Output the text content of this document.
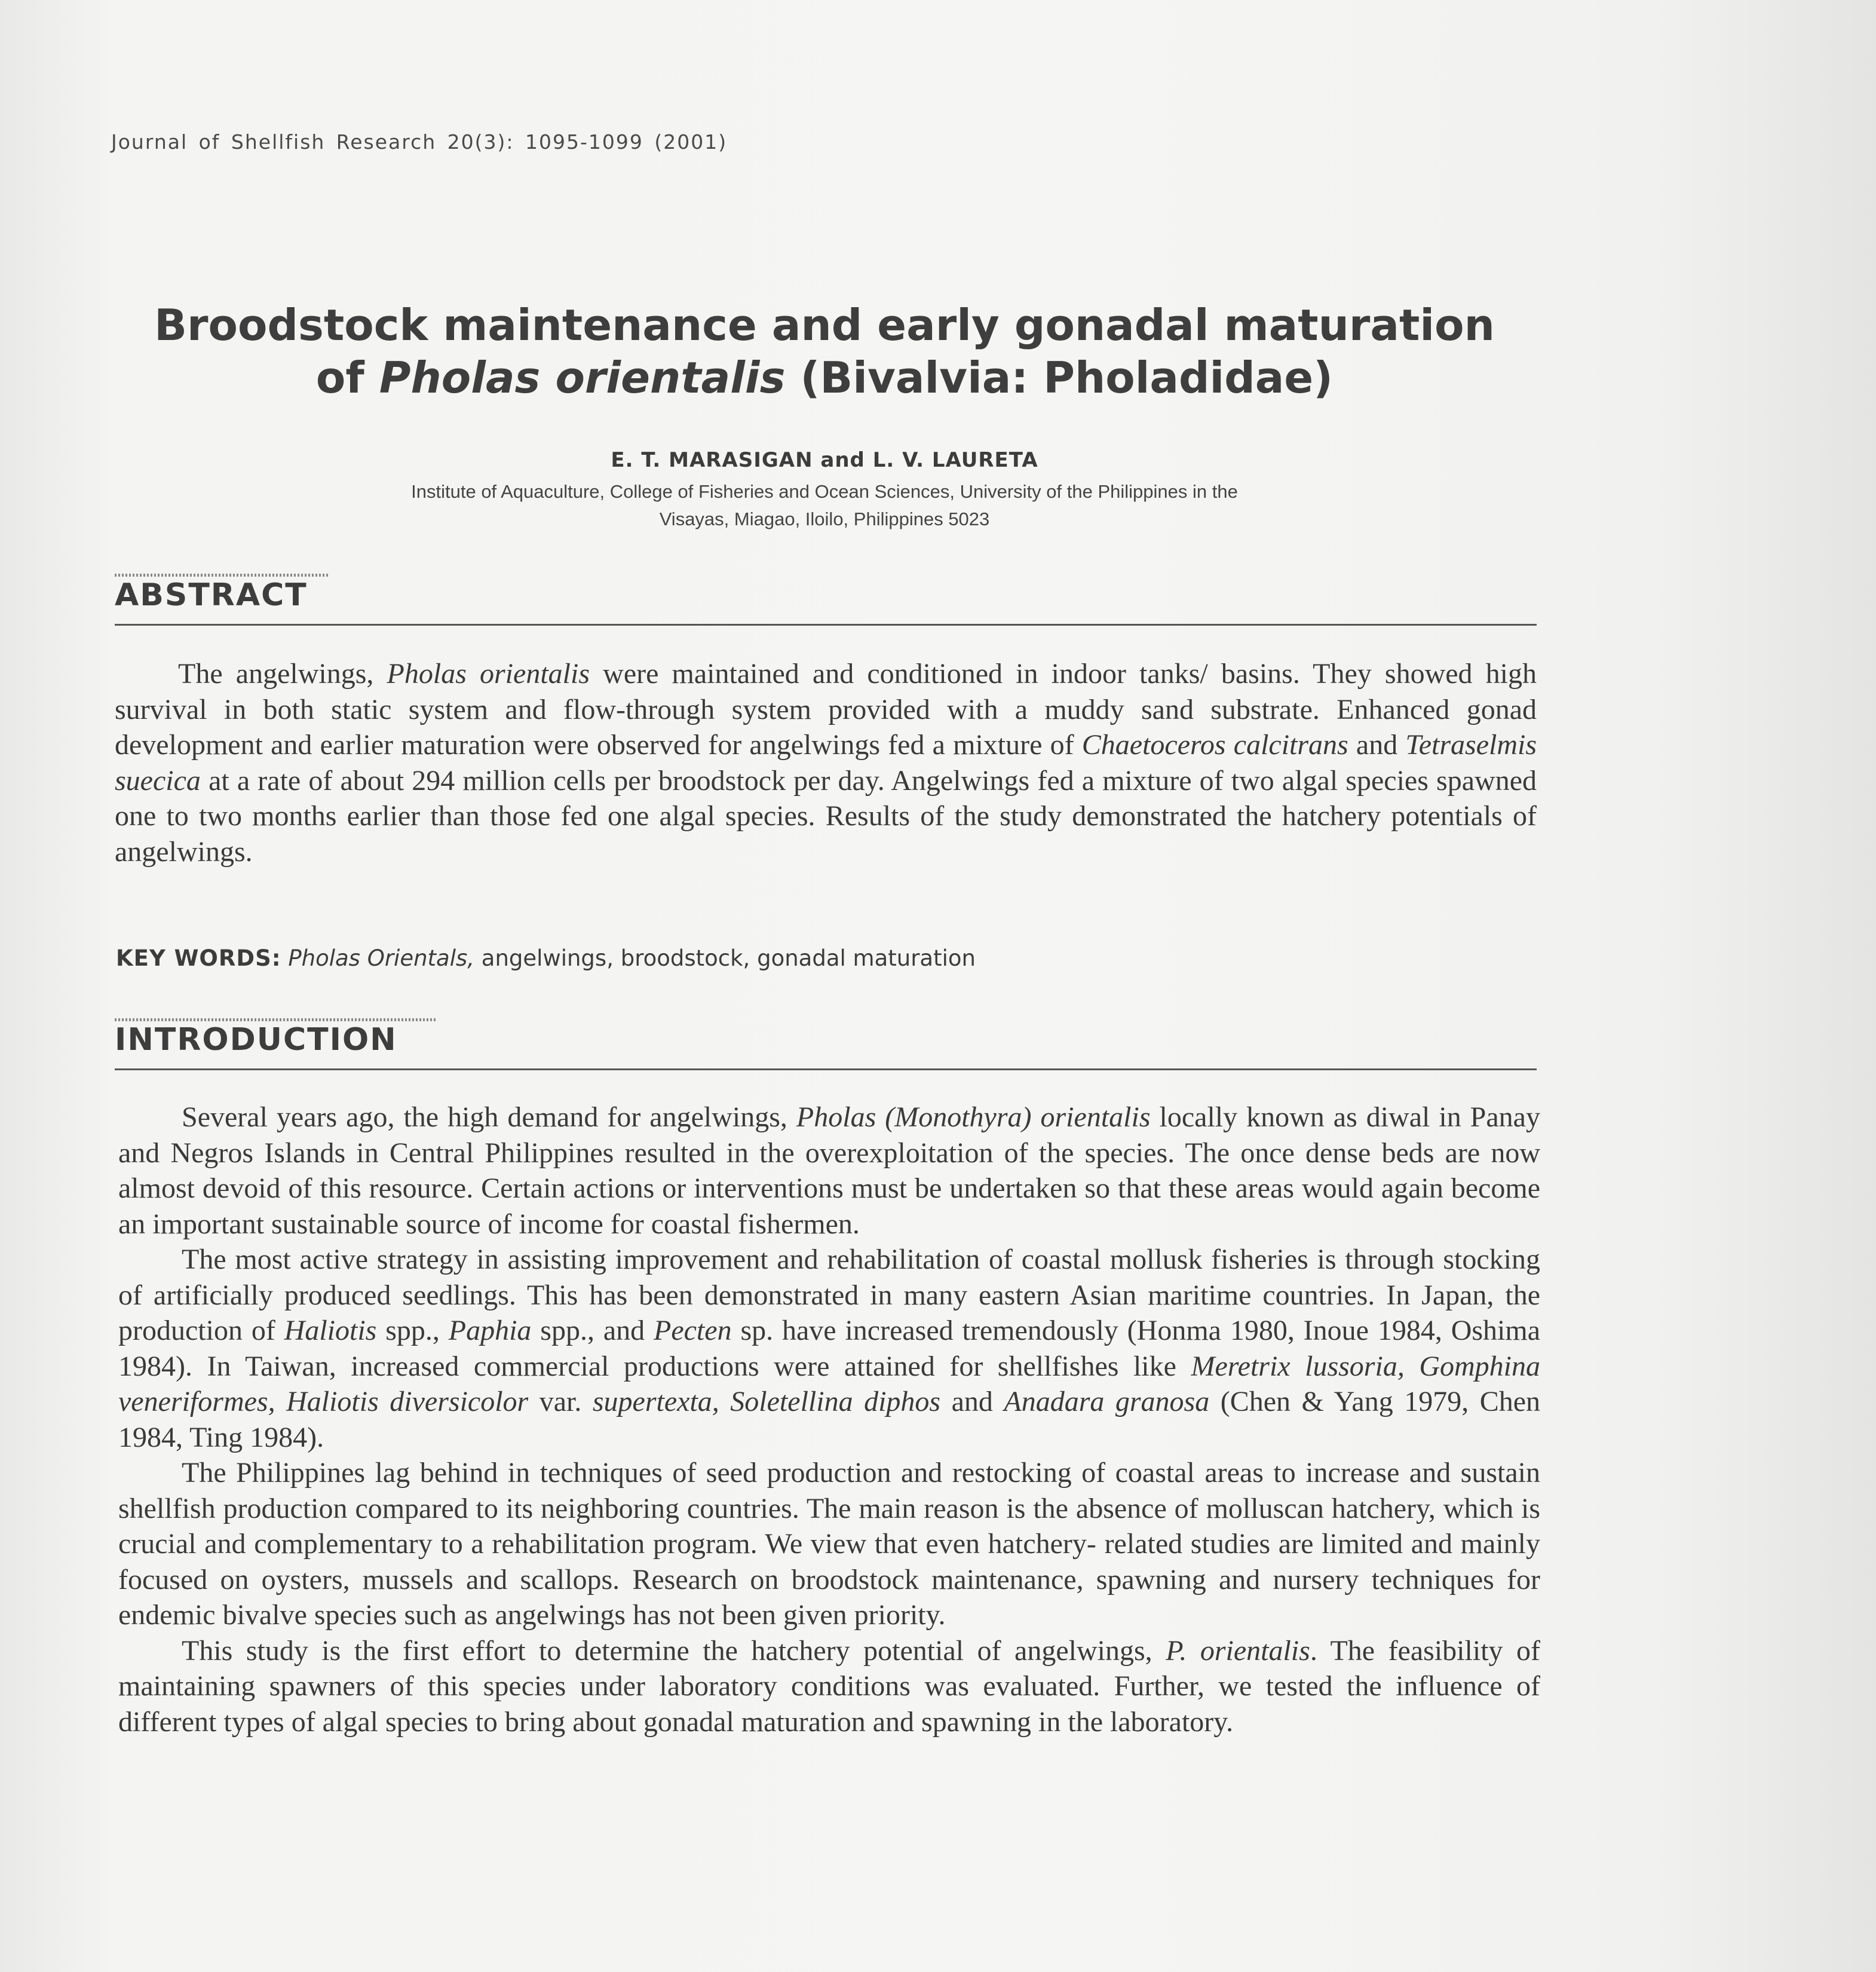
Journal of Shellfish Research 20(3): 1095-1099 (2001)
Broodstock maintenance and early gonadal maturation
of Pholas orientalis (Bivalvia: Pholadidae)
E. T. MARASIGAN and L. V. LAURETA
Institute of Aquaculture, College of Fisheries and Ocean Sciences, University of the Philippines in the
Visayas, Miagao, Iloilo, Philippines 5023
ABSTRACT

The angelwings, Pholas orientalis were maintained and conditioned in indoor tanks/ basins. They showed high survival in both static system and flow-through system provided with a muddy sand substrate. Enhanced gonad development and earlier maturation were observed for angelwings fed a mixture of Chaetoceros calcitrans and Tetraselmis suecica at a rate of about 294 million cells per broodstock per day. Angelwings fed a mixture of two algal species spawned one to two months earlier than those fed one algal species. Results of the study demonstrated the hatchery potentials of angelwings.

KEY WORDS: Pholas Orientals, angelwings, broodstock, gonadal maturation
INTRODUCTION

Several years ago, the high demand for angelwings, Pholas (Monothyra) orientalis locally known as diwal in Panay and Negros Islands in Central Philippines resulted in the overexploitation of the species. The once dense beds are now almost devoid of this resource. Certain actions or interventions must be undertaken so that these areas would again become an important sustainable source of income for coastal fishermen.

The most active strategy in assisting improvement and rehabilitation of coastal mollusk fisheries is through stocking of artificially produced seedlings. This has been demonstrated in many eastern Asian maritime countries. In Japan, the production of Haliotis spp., Paphia spp., and Pecten sp. have increased tremendously (Honma 1980, Inoue 1984, Oshima 1984). In Taiwan, increased commercial productions were attained for shellfishes like Meretrix lussoria, Gomphina veneriformes, Haliotis diversicolor var. supertexta, Soletellina diphos and Anadara granosa (Chen & Yang 1979, Chen 1984, Ting 1984).

The Philippines lag behind in techniques of seed production and restocking of coastal areas to increase and sustain shellfish production compared to its neighboring countries. The main reason is the absence of molluscan hatchery, which is crucial and complementary to a rehabilitation program. We view that even hatchery- related studies are limited and mainly focused on oysters, mussels and scallops. Research on broodstock maintenance, spawning and nursery techniques for endemic bivalve species such as angelwings has not been given priority.

This study is the first effort to determine the hatchery potential of angelwings, P. orientalis. The feasibility of maintaining spawners of this species under laboratory conditions was evaluated. Further, we tested the influence of different types of algal species to bring about gonadal maturation and spawning in the laboratory.
